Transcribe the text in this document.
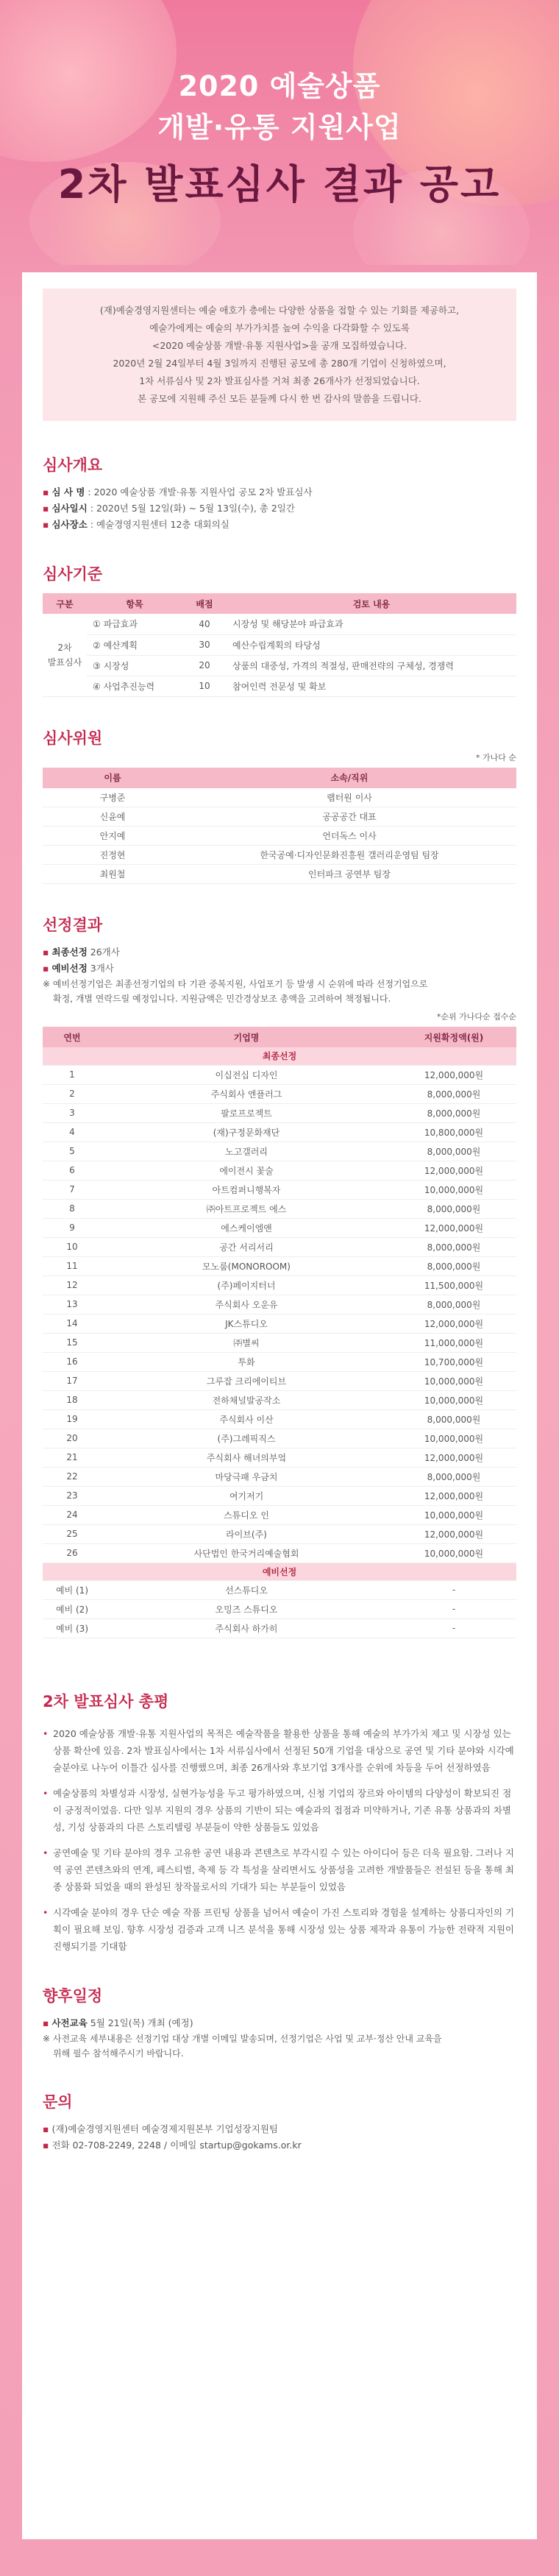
2020 예술상품
개발·유통 지원사업
2차 발표심사 결과 공고
(재)예술경영지원센터는 예술 애호가 층에는 다양한 상품을 접할 수 있는 기회를 제공하고,
예술가에게는 예술의 부가가치를 높여 수익을 다각화할 수 있도록
<2020 예술상품 개발·유통 지원사업>을 공개 모집하였습니다.
2020년 2월 24일부터 4월 3일까지 진행된 공모에 총 280개 기업이 신청하였으며,
1차 서류심사 및 2차 발표심사를 거쳐 최종 26개사가 선정되었습니다.
본 공모에 지원해 주신 모든 분들께 다시 한 번 감사의 말씀을 드립니다.
심사개요
▪ 심 사 명 : 2020 예술상품 개발·유통 지원사업 공모 2차 발표심사
▪ 심사일시 : 2020년 5월 12일(화) ~ 5월 13일(수), 총 2일간
▪ 심사장소 : 예술경영지원센터 12층 대회의실
심사기준
구분	항목	배점	검토 내용
2차
발표심사	① 파급효과	40	시장성 및 해당분야 파급효과
	② 예산계획	30	예산수립계획의 타당성
	③ 시장성	20	상품의 대중성, 가격의 적절성, 판매전략의 구체성, 경쟁력
	④ 사업추진능력	10	참여인력 전문성 및 확보
심사위원
* 가나다 순
이름	소속/직위
구병준	랩터원 이사
신윤예	공공공간 대표
안지예	언더독스 이사
진정현	한국공예·디자인문화진흥원 갤러리운영팀 팀장
최원철	인터파크 공연부 팀장
선정결과
▪ 최종선정 26개사
▪ 예비선정 3개사
※ 예비선정기업은 최종선정기업의 타 기관 중복지원, 사업포기 등 발생 시 순위에 따라 선정기업으로
확정, 개별 연락드릴 예정입니다. 지원금액은 민간경상보조 총액을 고려하여 책정됩니다.
*순위 가나다순 접수순
연번	기업명	지원확정액(원)
최종선정		
1	이십전십 디자인	12,000,000원
2	주식회사 엔플러그	8,000,000원
3	팔로프로젝트	8,000,000원
4	(재)구정문화재단	10,800,000원
5	노고갤러리	8,000,000원
6	에이전시 꽃술	12,000,000원
7	아트컴퍼니행복자	10,000,000원
8	㈜아트프로젝트 에스	8,000,000원
9	에스케이엠앤	12,000,000원
10	공간 서리서리	8,000,000원
11	모노룸(MONOROOM)	8,000,000원
12	(주)페이지터너	11,500,000원
13	주식회사 오운유	8,000,000원
14	JK스튜디오	12,000,000원
15	㈜별씨	11,000,000원
16	투화	10,700,000원
17	그루잡 크리에이티브	10,000,000원
18	전하채널발공작소	10,000,000원
19	주식회사 이산	8,000,000원
20	(주)그레픽직스	10,000,000원
21	주식회사 해녀의부엌	12,000,000원
22	마당극패 우금치	8,000,000원
23	여기저기	12,000,000원
24	스튜디오 인	10,000,000원
25	라이브(주)	12,000,000원
26	사단법인 한국거리예술협회	10,000,000원
예비선정		
예비 (1)	선스튜디오	-
예비 (2)	오밍즈 스튜디오	-
예비 (3)	주식회사 하가히	-
2차 발표심사 총평

• 2020 예술상품 개발·유통 지원사업의 목적은 예술작품을 활용한 상품을 통해 예술의 부가가치 제고 및 시장성 있는 상품 확산에 있음. 2차 발표심사에서는 1차 서류심사에서 선정된 50개 기업을 대상으로 공연 및 기타 분야와 시각예술분야로 나누어 이틀간 심사를 진행했으며, 최종 26개사와 후보기업 3개사를 순위에 차등을 두어 선정하였음

• 예술상품의 차별성과 시장성, 실현가능성을 두고 평가하였으며, 신청 기업의 장르와 아이템의 다양성이 확보되진 점이 긍정적이었음. 다만 일부 지원의 경우 상품의 기반이 되는 예술과의 접점과 미약하거나, 기존 유통 상품과의 차별성, 기성 상품과의 다른 스토리텔링 부분들이 약한 상품들도 있었음

• 공연예술 및 기타 분야의 경우 고유한 공연 내용과 콘텐츠로 부각시킬 수 있는 아이디어 등은 더욱 필요함. 그러나 지역 공연 콘텐츠와의 연계, 페스티벌, 축제 등 각 특성을 살리면서도 상품성을 고려한 개발품들은 전설된 등을 통해 최종 상품화 되었을 때의 완성된 창작물로서의 기대가 되는 부분들이 있었음

• 시각예술 분야의 경우 단순 예술 작품 프린팅 상품을 넘어서 예술이 가진 스토리와 경험을 설계하는 상품디자인의 기획이 필요해 보임. 향후 시장성 검증과 고객 니즈 분석을 통해 시장성 있는 상품 제작과 유통이 가능한 전략적 지원이 진행되기를 기대함

향후일정
▪ 사전교육 5월 21일(목) 개최 (예정)
※ 사전교육 세부내용은 선정기업 대상 개별 이메일 발송되며, 선정기업은 사업 및 교부·정산 안내 교육을
위해 필수 참석해주시기 바랍니다.
문의
▪ (재)예술경영지원센터 예술경제지원본부 기업성장지원팀
▪ 전화 02-708-2249, 2248 / 이메일 startup@gokams.or.kr
